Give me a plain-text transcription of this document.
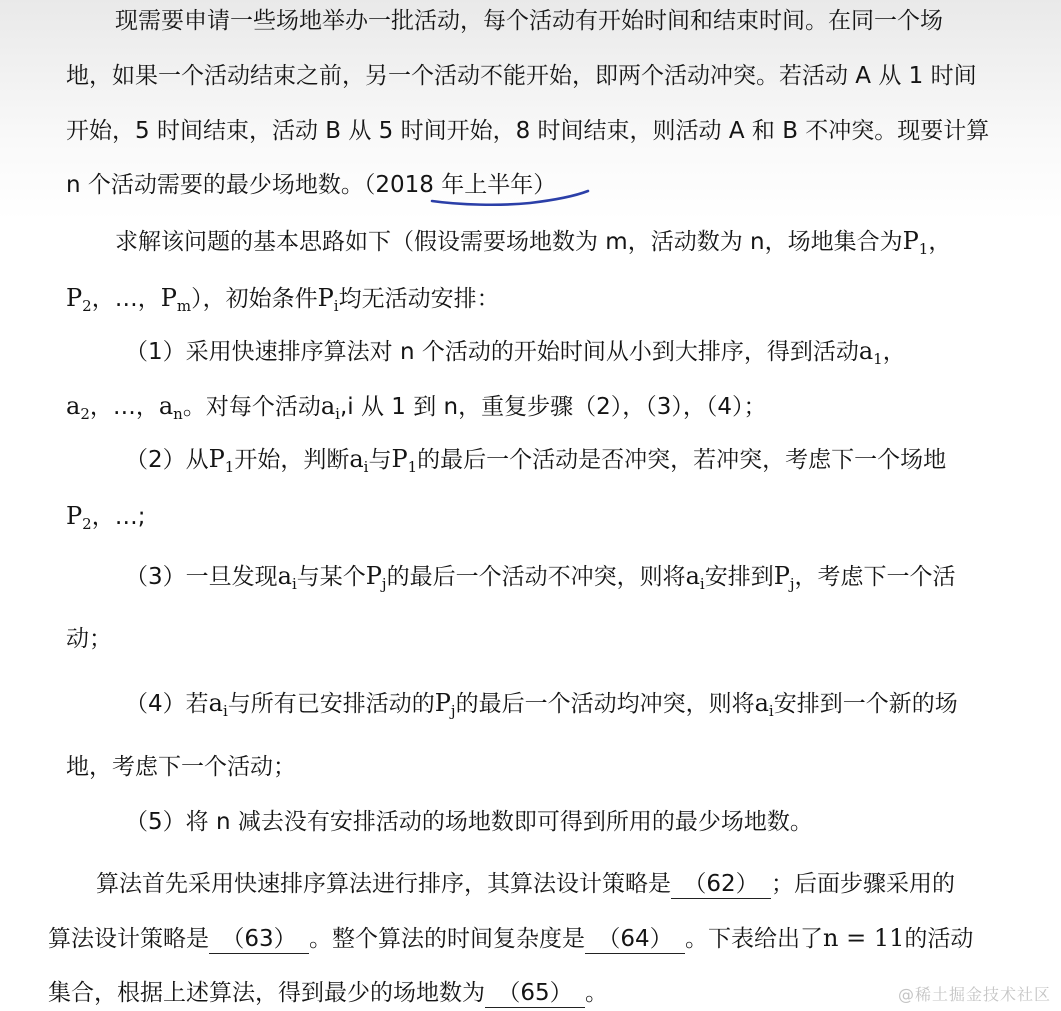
现需要申请一些场地举办一批活动，每个活动有开始时间和结束时间。在同一个场

地，如果一个活动结束之前，另一个活动不能开始，即两个活动冲突。若活动 A 从 1 时间

开始，5 时间结束，活动 B 从 5 时间开始，8 时间结束，则活动 A 和 B 不冲突。现要计算

n 个活动需要的最少场地数。（2018 年上半年）

求解该问题的基本思路如下（假设需要场地数为 m，活动数为 n，场地集合为$P_1$，

$P_2$，…，$P_m$），初始条件$P_i$均无活动安排：

（1）采用快速排序算法对 n 个活动的开始时间从小到大排序，得到活动$a_1$，

$a_2$，…，$a_n$。对每个活动$a_i,i$ 从 1 到 n，重复步骤（2），（3），（4）；

（2）从$P_1$开始，判断$a_i$与$P_1$的最后一个活动是否冲突，若冲突，考虑下一个场地

$P_2$，…;

（3）一旦发现$a_i$与某个$P_j$的最后一个活动不冲突，则将$a_i$安排到$P_j$，考虑下一个活

动；

（4）若$a_i$与所有已安排活动的$P_j$的最后一个活动均冲突，则将$a_i$安排到一个新的场

地，考虑下一个活动；

（5）将 n 减去没有安排活动的场地数即可得到所用的最少场地数。

算法首先采用快速排序算法进行排序，其算法设计策略是 （62） ；后面步骤采用的

算法设计策略是 （63） 。整个算法的时间复杂度是 （64） 。下表给出了n = 11的活动

集合，根据上述算法，得到最少的场地数为 （65） 。	@稀土掘金技术社区
